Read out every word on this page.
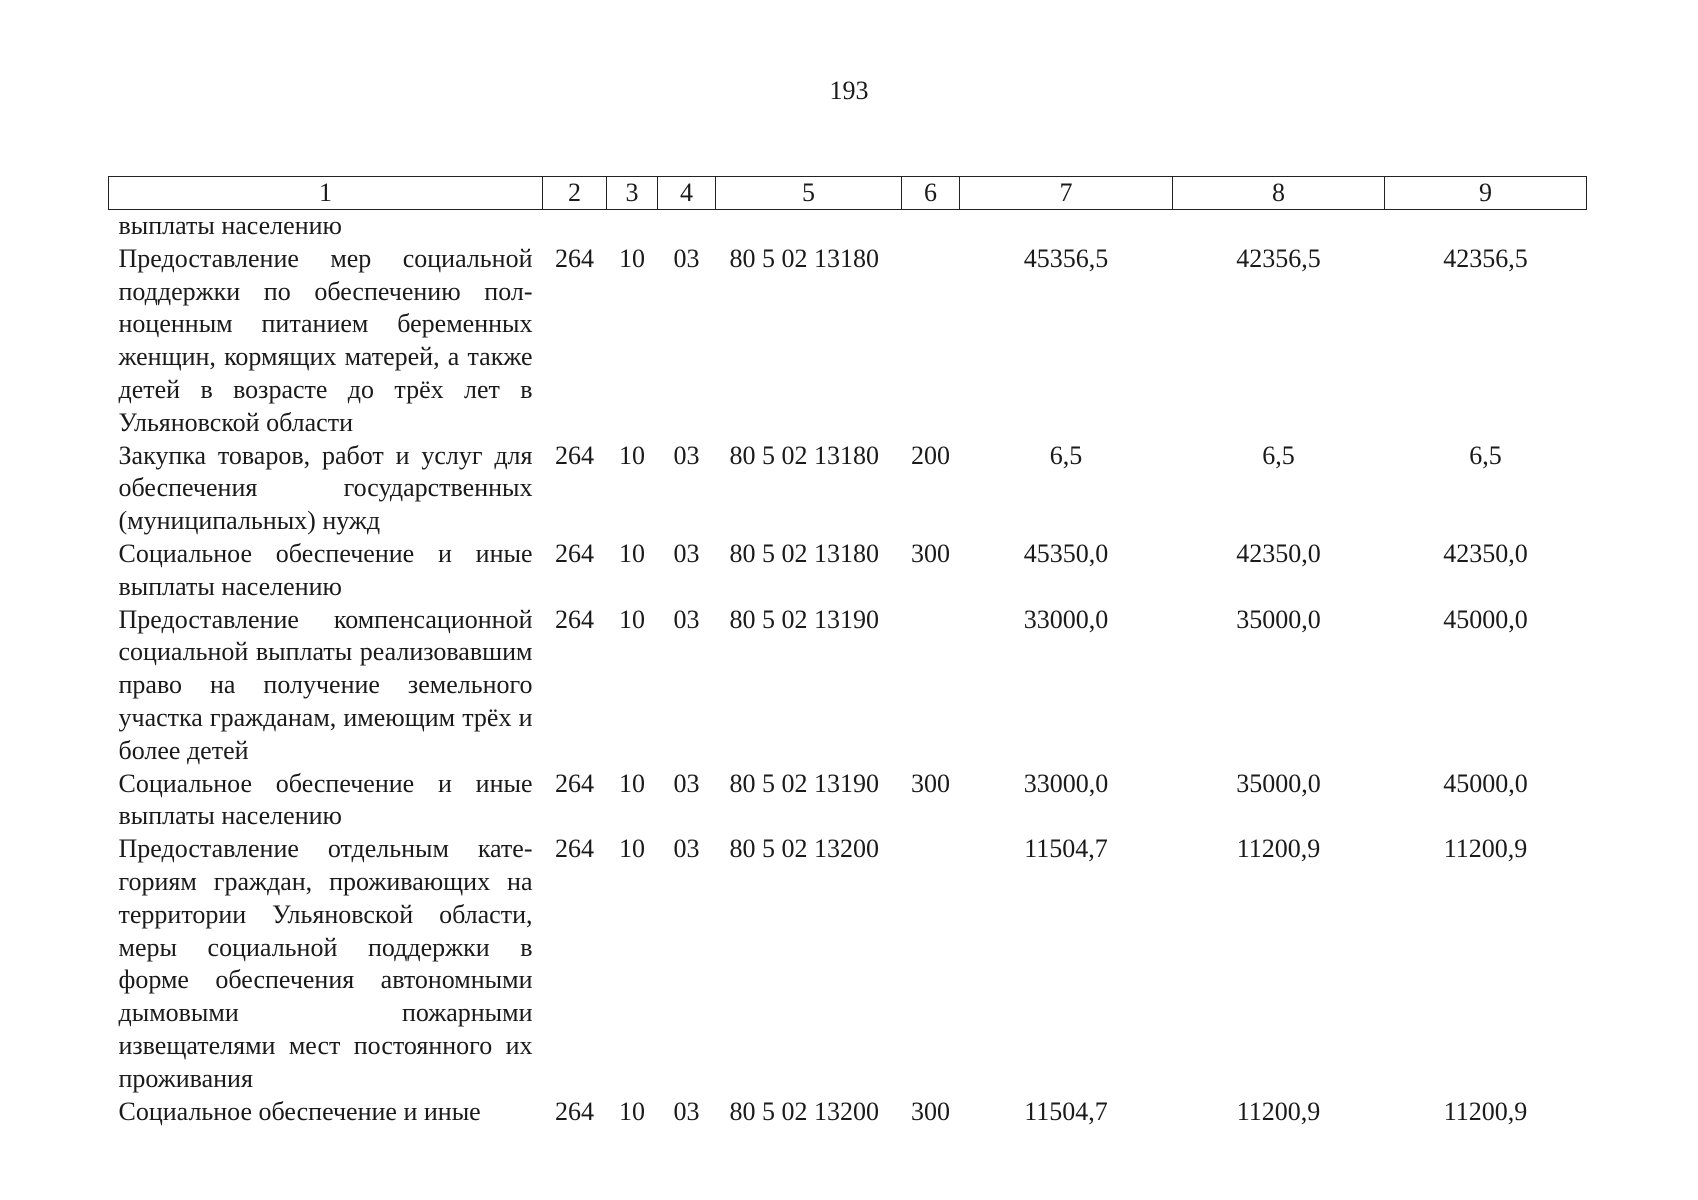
193
1	2	3	4	5	6	7	8	9
выплаты населению								
Предоставление мер социальной поддержки по обеспечению полноценным питанием беременных женщин, кормящих матерей, а также детей в возрасте до трёх лет в Ульяновской области	264	10	03	80 5 02 13180		45356,5	42356,5	42356,5
Закупка товаров, работ и услуг для обеспечения государственных (муниципальных) нужд	264	10	03	80 5 02 13180	200	6,5	6,5	6,5
Социальное обеспечение и иные выплаты населению	264	10	03	80 5 02 13180	300	45350,0	42350,0	42350,0
Предоставление компенсационной социальной выплаты реализовавшим право на получение земельного участка гражданам, имеющим трёх и более детей	264	10	03	80 5 02 13190		33000,0	35000,0	45000,0
Социальное обеспечение и иные выплаты населению	264	10	03	80 5 02 13190	300	33000,0	35000,0	45000,0
Предоставление отдельным категориям граждан, проживающих на территории Ульяновской области, меры социальной поддержки в форме обеспечения автономными дымовыми пожарными извещателями мест постоянного их проживания	264	10	03	80 5 02 13200		11504,7	11200,9	11200,9
Социальное обеспечение и иные	264	10	03	80 5 02 13200	300	11504,7	11200,9	11200,9
